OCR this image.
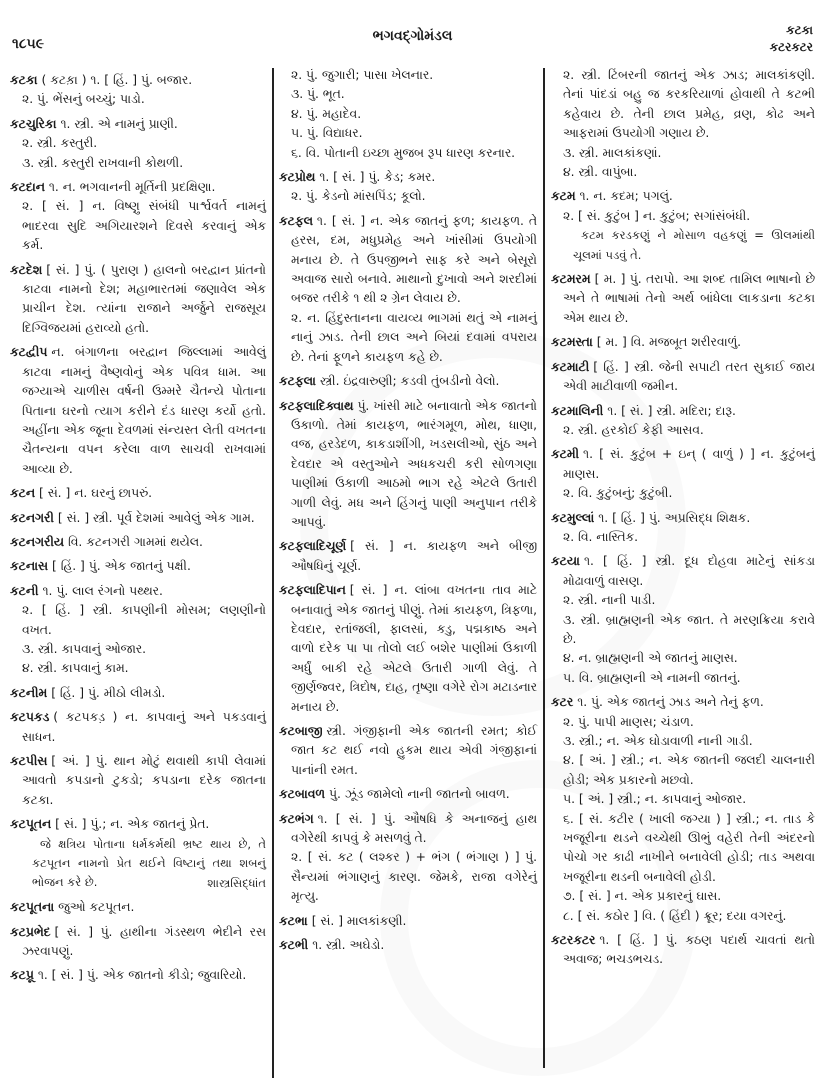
૧૮૫૯	ભગવદ્ગોમંડલ	કટકા
કટરકટર

કટકા ( કટક઼ા ) ૧. [ હિં. ] પું. બજાર.

૨. પું. ભેંસનું બચ્ચું; પાડો.

કટચુરિકા ૧. સ્ત્રી. એ નામનું પ્રાણી.

૨. સ્ત્રી. કસ્તુરી.

૩. સ્ત્રી. કસ્તુરી રાખવાની કોથળી.

કટદાન ૧. ન. ભગવાનની મૂર્તિની પ્રદક્ષિણા.

૨. [ સં. ] ન. વિષ્ણુ સંબંધી પાર્શ્વવર્ત નામનું ભાદરવા સુદિ અગિયારશને દિવસે કરવાનું એક કર્મ.

કટદેશ [ સં. ] પું. ( પુરાણ ) હાલનો બરદ્વાન પ્રાંતનો કાટવા નામનો દેશ; મહાભારતમાં જણાવેલ એક પ્રાચીન દેશ. ત્યાંના રાજાને અર્જુને રાજસૂય દિગ્વિજયમાં હરાવ્યો હતો.

કટદ્વીપ ન. બંગાળના બરદ્વાન જિલ્લામાં આવેલું કાટવા નામનું વૈષ્ણવોનું એક પવિત્ર ધામ. આ જગ્યાએ ચાળીસ વર્ષની ઉમ્મરે ચૈતન્યે પોતાના પિતાના ઘરનો ત્યાગ કરીને દંડ ધારણ કર્યો હતો. અહીંના એક જૂના દેવળમાં સંન્યસ્ત લેતી વખતના ચૈતન્યના વપન કરેલા વાળ સાચવી રાખવામાં આવ્યા છે.

કટન [ સં. ] ન. ઘરનું છાપરું.

કટનગરી [ સં. ] સ્ત્રી. પૂર્વ દેશમાં આવેલું એક ગામ.

કટનગરીય વિ. કટનગરી ગામમાં થયેલ.

કટનાસ [ હિં. ] પું. એક જાતનું પક્ષી.

કટની ૧. પું. લાલ રંગનો પથ્થર.

૨. [ હિં. ] સ્ત્રી. કાપણીની મોસમ; લણણીનો વખત.

૩. સ્ત્રી. કાપવાનું ઓજાર.

૪. સ્ત્રી. કાપવાનું કામ.

કટનીમ [ હિં. ] પું. મીઠો લીમડો.

કટપકડ ( કટપકડ઼ ) ન. કાપવાનું અને પકડવાનું સાધન.

કટપીસ [ અં. ] પું. થાન મોટું થવાથી કાપી લેવામાં આવતો કપડાનો ટુકડો; કપડાના દરેક જાતના કટકા.

કટપૂતન [ સં. ] પું.; ન. એક જાતનું પ્રેત.

જે ક્ષત્રિય પોતાના ધર્મકર્મથી ભ્રષ્ટ થાય છે, તે કટપૂતન નામનો પ્રેત થઈને વિષ્ટાનું તથા શબનું ભોજન કરે છે.	શાસ્ત્રસિદ્ધાંત

કટપૂતના જુઓ કટપૂતન.

કટપ્રભેદ [ સં. ] પું. હાથીના ગંડસ્થળ ભેદીને રસ ઝરવાપણું.

કટપ્રૂ ૧. [ સં. ] પું. એક જાતનો કીડો; જુવારિયો.

૨. પું. જુગારી; પાસા ખેલનાર.

૩. પું. ભૂત.

૪. પું. મહાદેવ.

૫. પું. વિદ્યાધર.

૬. વિ. પોતાની ઇચ્છા મુજબ રૂપ ધારણ કરનાર.

કટપ્રોથ ૧. [ સં. ] પું. કેડ; કમર.

૨. પું. કેડનો માંસપિંડ; કૂલો.

કટફલ ૧. [ સં. ] ન. એક જાતનું ફળ; કાયફળ. તે હરસ, દમ, મધુપ્રમેહ અને ખાંસીમાં ઉપયોગી મનાય છે. તે ઉપજીભને સાફ કરે અને બેસૂરો અવાજ સારો બનાવે. માથાનો દુખાવો અને શરદીમાં બજર તરીકે ૧ થી ૨ ગ્રેન લેવાય છે.

૨. ન. હિંદુસ્તાનના વાયવ્ય ભાગમાં થતું એ નામનું નાનું ઝાડ. તેની છાલ અને બિયાં દવામાં વપરાય છે. તેનાં ફૂળને કાયફળ કહે છે.

કટફલા સ્ત્રી. ઇંદ્રવારુણી; કડવી તુંબડીનો વેલો.

કટફલાદિક્વાથ પું. ખાંસી માટે બનાવાતો એક જાતનો ઉકાળો. તેમાં કાયફળ, ભારંગમૂળ, મોથ, ધાણા, વજ, હરડેદળ, કાકડાશીંગી, ખડસલીઓ, સુંઠ અને દેવદાર એ વસ્તુઓને અધકચરી કરી સોળગણા પાણીમાં ઉકાળી આઠમો ભાગ રહે એટલે ઉતારી ગાળી લેવું. મધ અને હિંગનું પાણી અનુપાન તરીકે આપવું.

કટફલાદિચૂર્ણ [ સં. ] ન. કાયફળ અને બીજી ઔષધિનું ચૂર્ણ.

કટફલાદિપાન [ સં. ] ન. લાંબા વખતના તાવ માટે બનાવાતું એક જાતનું પીણું. તેમાં કાયફળ, ત્રિફળા, દેવદાર, રતાંજલી, ફાલસાં, કડુ, પદ્મકાષ્ઠ અને વાળો દરેક પા પા તોલો લઈ બશેર પાણીમાં ઉકાળી અર્ધું બાકી રહે એટલે ઉતારી ગાળી લેવું. તે જીર્ણજ્વર, ત્રિદોષ, દાહ, તૃષ્ણા વગેરે રોગ મટાડનાર મનાય છે.

કટબાજી સ્ત્રી. ગંજીફાની એક જાતની રમત; કોઈ જાત કટ થઈ નવો હુકમ થાય એવી ગંજીફાનાં પાનાંની રમત.

કટબાવળ પું. ઝૂંડ જામેલો નાની જાતનો બાવળ.

કટભંગ ૧. [ સં. ] પું. ઔષધિ કે અનાજનું હાથ વગેરેથી કાપવું કે મસળવું તે.

૨. [ સં. કટ ( લશ્કર ) + ભંગ ( ભંગાણ ) ] પું. સૈન્યમાં ભંગાણનું કારણ. જેમકે, રાજા વગેરેનું મૃત્યુ.

કટભા [ સં. ] માલકાંકણી.

કટભી ૧. સ્ત્રી. અઘેડો.

૨. સ્ત્રી. ટિંબરની જાતનું એક ઝાડ; માલકાંકણી. તેનાં પાંદડાં બહુ જ કરકરિયાળાં હોવાથી તે કટભી કહેવાય છે. તેની છાલ પ્રમેહ, વ્રણ, કોઢ અને આફરામાં ઉપયોગી ગણાય છે.

૩. સ્ત્રી. માલકાંકણાં.

૪. સ્ત્રી. વાપુંબા.

કટમ ૧. ન. કદમ; પગલું.

૨. [ સં. કુટુંબ ] ન. કુટુંબ; સગાંસંબંધી.

કટમ કરડકણું ને મોસાળ વહકણું = ઊલમાંથી ચૂલમાં પડવું તે.

કટમરમ [ મ. ] પું. તરાપો. આ શબ્દ તામિલ ભાષાનો છે અને તે ભાષામાં તેનો અર્થ બાંધેલા લાકડાના કટકા એમ થાય છે.

કટમસ્તા [ મ. ] વિ. મજબૂત શરીરવાળું.

કટમાટી [ હિં. ] સ્ત્રી. જેની સપાટી તરત સુકાઈ જાય એવી માટીવાળી જમીન.

કટમાલિની ૧. [ સં. ] સ્ત્રી. મદિરા; દારૂ.

૨. સ્ત્રી. હરકોઈ કેફી આસવ.

કટમી ૧. [ સં. કુટુંબ + ઇન્ ( વાળું ) ] ન. કુટુંબનું માણસ.

૨. વિ. કુટુંબનું; કુટુંબી.

કટમુલ્લાં ૧. [ હિં. ] પું. અપ્રસિદ્ધ શિક્ષક.

૨. વિ. નાસ્તિક.

કટયા ૧. [ હિં. ] સ્ત્રી. દૂધ દોહવા માટેનું સાંકડા મોઢાવાળું વાસણ.

૨. સ્ત્રી. નાની પાડી.

૩. સ્ત્રી. બ્રાહ્મણની એક જાત. તે મરણક્રિયા કરાવે છે.

૪. ન. બ્રાહ્મણની એ જાતનું માણસ.

૫. વિ. બ્રાહ્મણની એ નામની જાતનું.

કટર ૧. પું. એક જાતનું ઝાડ અને તેનું ફળ.

૨. પું. પાપી માણસ; ચંડાળ.

૩. સ્ત્રી.; ન. એક ઘોડાવાળી નાની ગાડી.

૪. [ અં. ] સ્ત્રી.; ન. એક જાતની જલદી ચાલનારી હોડી; એક પ્રકારનો મછવો.

૫. [ અં. ] સ્ત્રી.; ન. કાપવાનું ઓજાર.

૬. [ સં. કટીર ( ખાલી જગ્યા ) ] સ્ત્રી.; ન. તાડ કે ખજૂરીના થડને વચ્ચેથી ઊભું વહેરી તેની અંદરનો પોચો ગર કાઢી નાખીને બનાવેલી હોડી; તાડ અથવા ખજૂરીના થડની બનાવેલી હોડી.

૭. [ સં. ] ન. એક પ્રકારનું ઘાસ.

૮. [ સં. કઠોર ] વિ. ( હિંદી ) ક્રૂર; દયા વગરનું.

કટરકટર ૧. [ હિં. ] પું. કઠણ પદાર્થ ચાવતાં થતો અવાજ; ભચડભચડ.
